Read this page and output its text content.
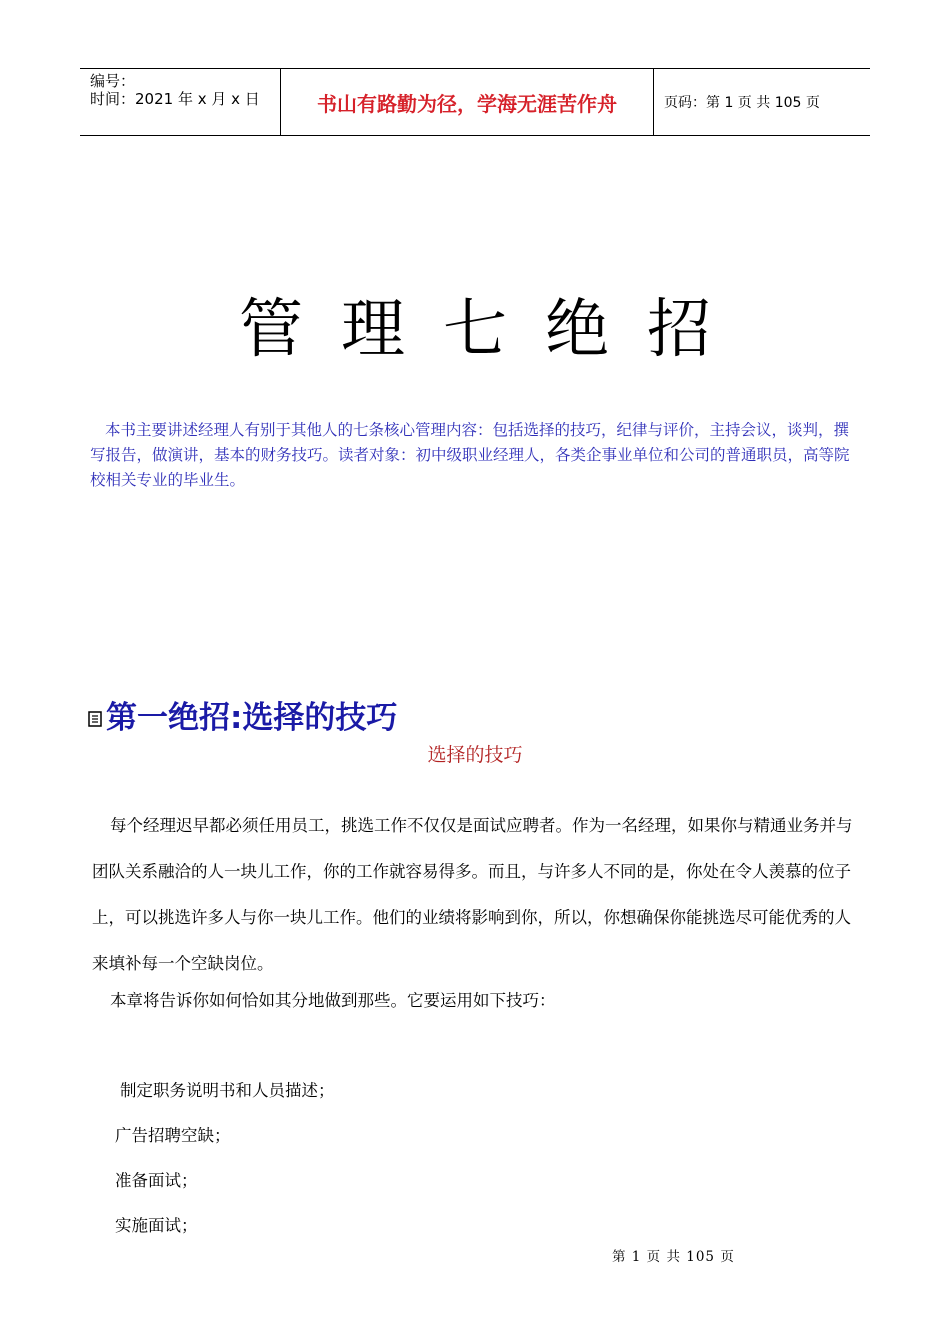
编号：
时间：2021 年 x 月 x 日	书山有路勤为径，学海无涯苦作舟	页码：第 1 页 共 105 页
管理七绝招

本书主要讲述经理人有别于其他人的七条核心管理内容：包括选择的技巧，纪律与评价，主持会议，谈判，撰写报告，做演讲，基本的财务技巧。读者对象：初中级职业经理人，各类企事业单位和公司的普通职员，高等院校相关专业的毕业生。

第一绝招:选择的技巧
选择的技巧

每个经理迟早都必须任用员工，挑选工作不仅仅是面试应聘者。作为一名经理，如果你与精通业务并与团队关系融洽的人一块儿工作，你的工作就容易得多。而且，与许多人不同的是，你处在令人羡慕的位子上，可以挑选许多人与你一块儿工作。他们的业绩将影响到你，所以，你想确保你能挑选尽可能优秀的人来填补每一个空缺岗位。

本章将告诉你如何恰如其分地做到那些。它要运用如下技巧：

制定职务说明书和人员描述；
广告招聘空缺；
准备面试；
实施面试；
第 1 页 共 105 页
